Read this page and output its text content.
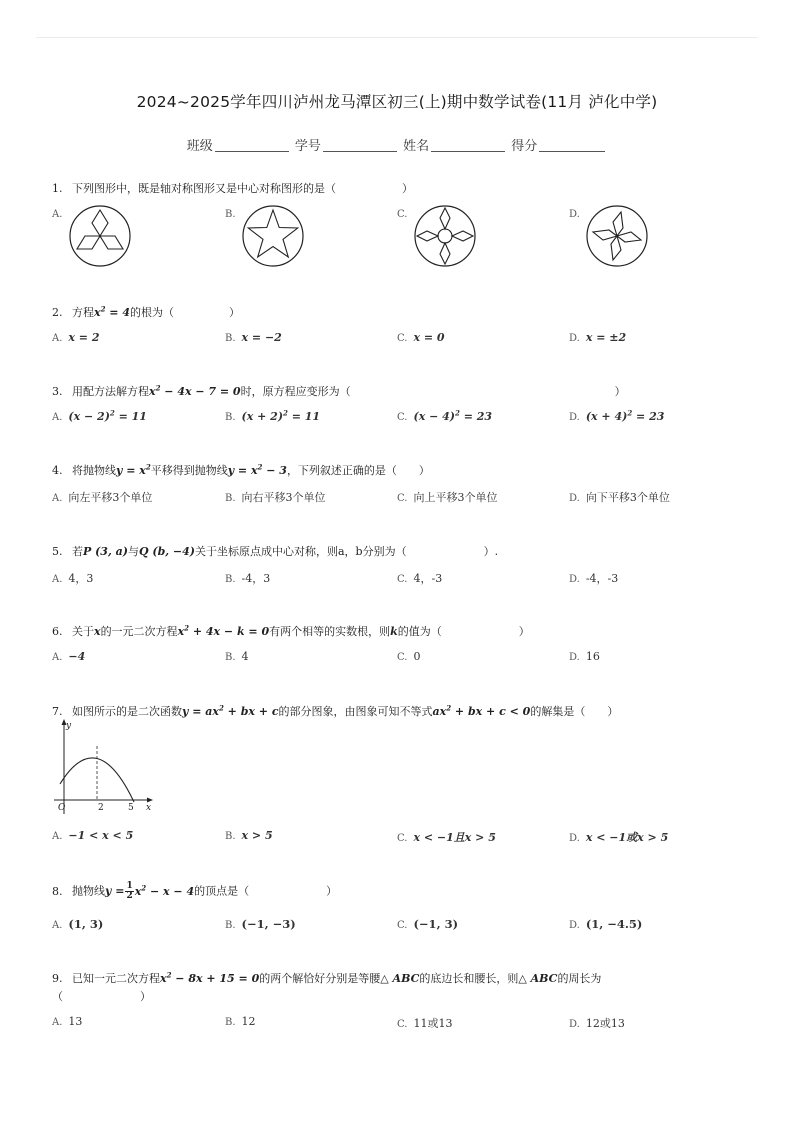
2024~2025学年四川泸州龙马潭区初三(上)期中数学试卷(11月 泸化中学)
班级	学号	姓名	得分
1. 下列图形中，既是轴对称图形又是中心对称图形的是（　　　　　　）
A.	B.	C.	D.
2. 方程$x^2 = 4$的根为（　　　　　）
A. x = 2	B. x = −2	C. x = 0	D. x = ±2
3. 用配方法解方程$x^2 - 4x - 7 = 0$时，原方程应变形为（　　　　　　　　　　　　　　　　　　　　　　　　）
A. $(x - 2)^2 = 11$	B. $(x + 2)^2 = 11$	C. $(x - 4)^2 = 23$	D. $(x + 4)^2 = 23$
4. 将抛物线$y = x^2$平移得到抛物线$y = x^2 - 3$，下列叙述正确的是（　　）
A. 向左平移3个单位	B. 向右平移3个单位	C. 向上平移3个单位	D. 向下平移3个单位
5. 若P (3, a)与Q (b, −4)关于坐标原点成中心对称，则a，b分别为（　　　　　　　）.
A. 4，3	B. -4，3	C. 4，-3	D. -4，-3
6. 关于x的一元二次方程$x^2 + 4x - k = 0$有两个相等的实数根，则k的值为（　　　　　　　）
A. −4	B. 4	C. 0	D. 16
7. 如图所示的是二次函数$y = ax^2$ + bx + c的部分图象，由图象可知不等式$ax^2$ + bx + c < 0的解集是（　　）
y
x
O	2	5
A. −1 < x < 5	B. x > 5	C. x < −1且x > 5	D. x < −1或x > 5
8. 抛物线$y = \frac{1}{2} x^2 - x - 4$的顶点是（　　　　　　　）
A. (1, 3)	B. (−1, −3)	C. (−1, 3)	D. (1, −4.5)
9. 已知一元二次方程$x^2 - 8x + 15 = 0$的两个解恰好分别是等腰△ ABC的底边长和腰长，则△ ABC的周长为
（　　　　　　　）
A. 13	B. 12	C. 11或13	D. 12或13
